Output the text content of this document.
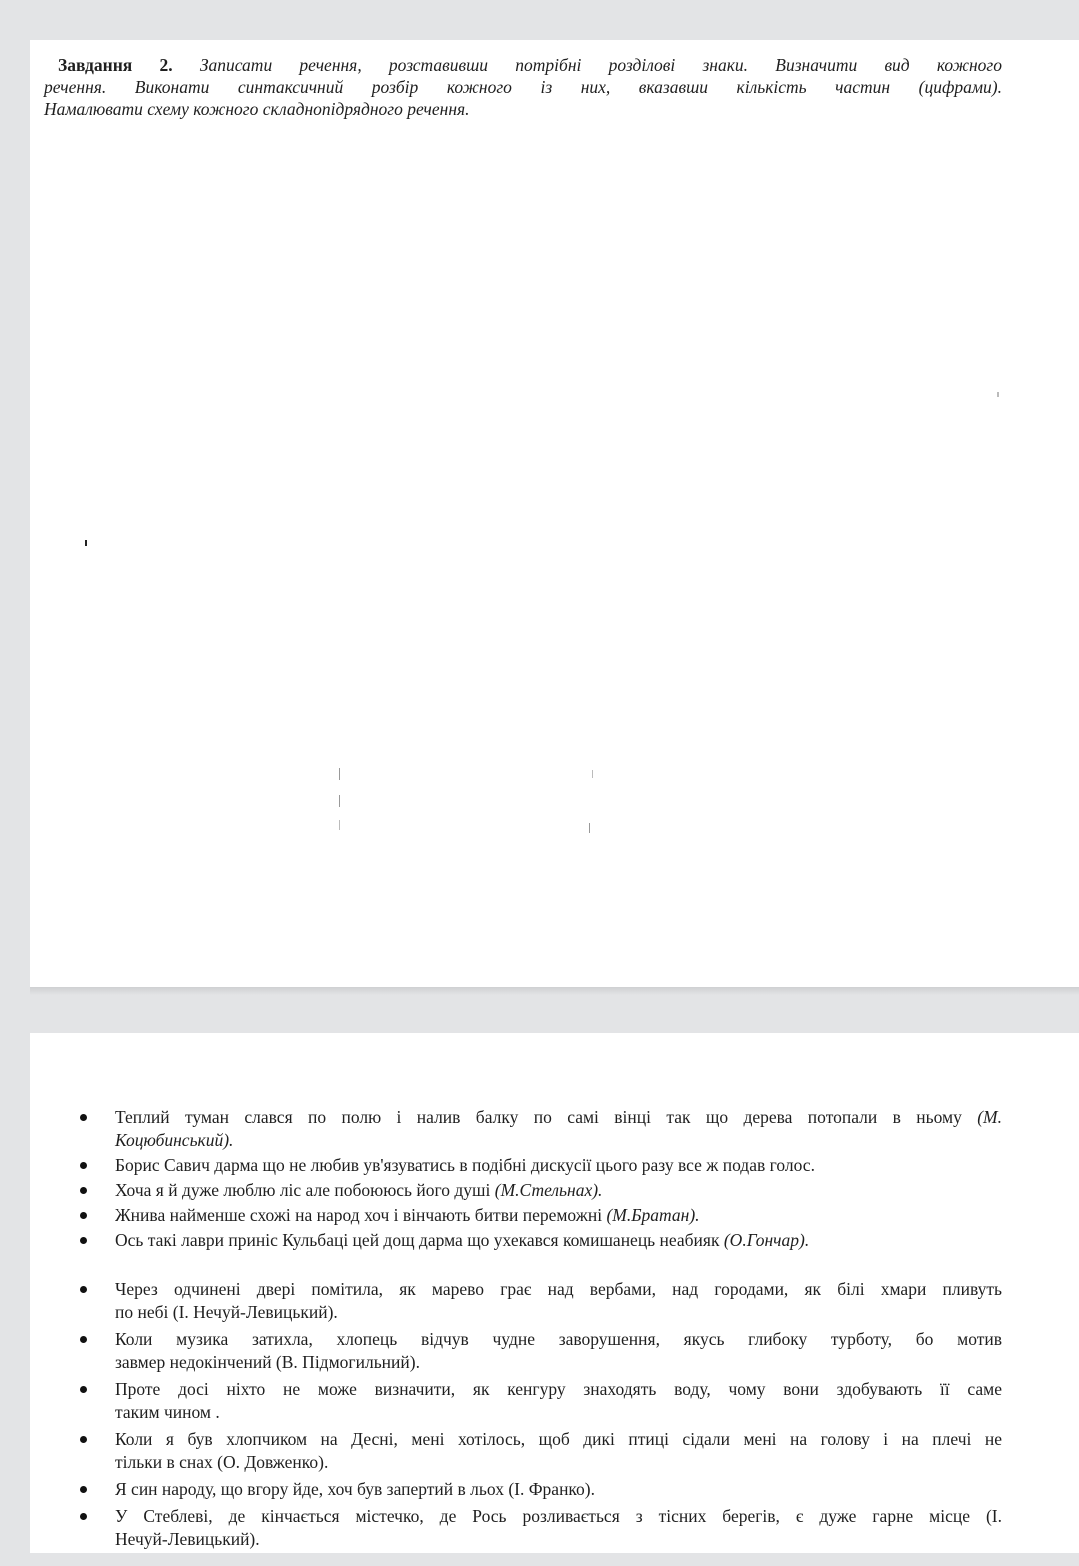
Завдання 2. Записати речення, розставивши потрібні розділові знаки. Визначити вид кожного
речення. Виконати синтаксичний розбір кожного із них, вказавши кількість частин (цифрами).
Намалювати схему кожного складнопідрядного речення.
Теплий туман слався по полю і налив балку по самі вінці так що дерева потопали в ньому (М.
Коцюбинський).
Борис Савич дарма що не любив ув'язуватись в подібні дискусії цього разу все ж подав голос.
Хоча я й дуже люблю ліс але побоююсь його душі (М.Стельнах).
Жнива найменше схожі на народ хоч і вінчають битви переможні (М.Братан).
Ось такі лаври приніс Кульбаці цей дощ дарма що ухекався комишанець неабияк (О.Гончар).
Через одчинені двері помітила, як марево грає над вербами, над городами, як білі хмари пливуть
по небі (І. Нечуй-Левицький).
Коли музика затихла, хлопець відчув чудне заворушення, якусь глибоку турботу, бо мотив
завмер недокінчений (В. Підмогильний).
Проте досі ніхто не може визначити, як кенгуру знаходять воду, чому вони здобувають її саме
таким чином .
Коли я був хлопчиком на Десні, мені хотілось, щоб дикі птиці сідали мені на голову і на плечі не
тільки в снах (О. Довженко).
Я син народу, що вгору йде, хоч був запертий в льох (І. Франко).
У Стеблеві, де кінчається містечко, де Рось розливається з тісних берегів, є дуже гарне місце (І.
Нечуй-Левицький).
